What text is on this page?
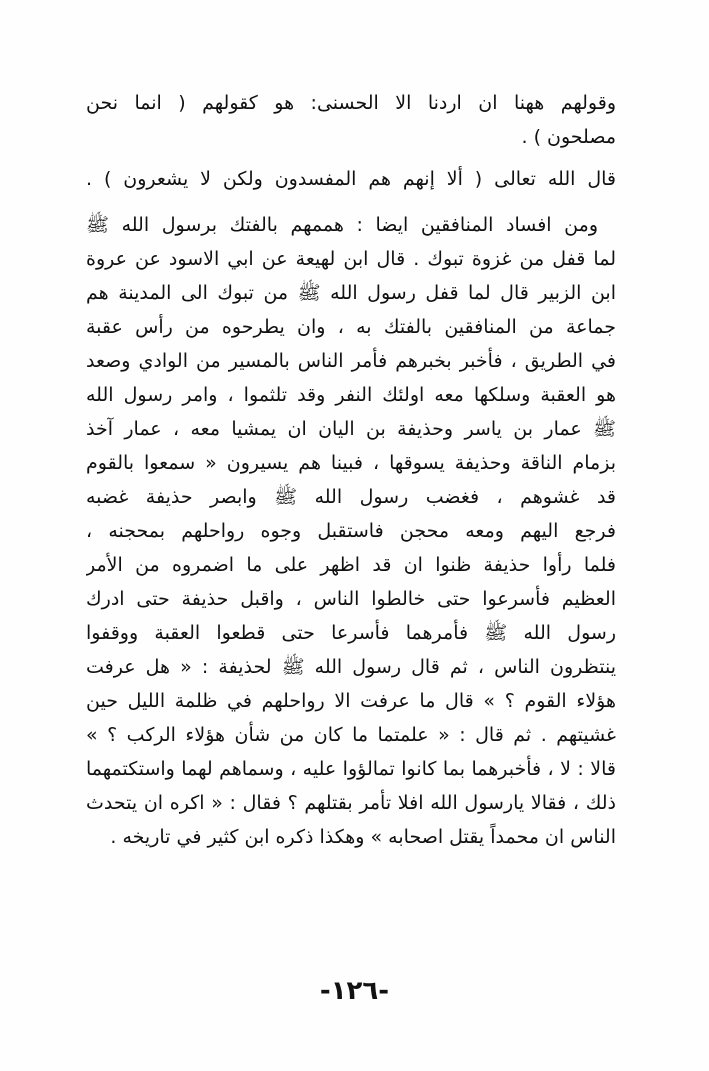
وقولهم ههنا ان اردنا الا الحسنى: هو كقولهم ( انما نحن
مصلحون ) .
قال الله تعالى ( ألا إنهم هم المفسدون ولكن لا يشعرون ) .
ومن افساد المنافقين ايضا : هممهم بالفتك برسول الله ﷺ
لما قفل من غزوة تبوك . قال ابن لهيعة عن ابي الاسود عن عروة
ابن الزبير قال لما قفل رسول الله ﷺ من تبوك الى المدينة هم
جماعة من المنافقين بالفتك به ، وان يطرحوه من رأس عقبة
في الطريق ، فأخبر بخبرهم فأمر الناس بالمسير من الوادي وصعد
هو العقبة وسلكها معه اولئك النفر وقد تلثموا ، وامر رسول الله
ﷺ عمار بن ياسر وحذيفة بن اليان ان يمشيا معه ، عمار آخذ
بزمام الناقة وحذيفة يسوقها ، فبينا هم يسيرون « سمعوا بالقوم
قد غشوهم ، فغضب رسول الله ﷺ وابصر حذيفة غضبه
فرجع اليهم ومعه محجن فاستقبل وجوه رواحلهم بمحجنه ،
فلما رأوا حذيفة ظنوا ان قد اظهر على ما اضمروه من الأمر
العظيم فأسرعوا حتى خالطوا الناس ، واقبل حذيفة حتى ادرك
رسول الله ﷺ فأمرهما فأسرعا حتى قطعوا العقبة ووقفوا
ينتظرون الناس ، ثم قال رسول الله ﷺ لحذيفة : « هل عرفت
هؤلاء القوم ؟ » قال ما عرفت الا رواحلهم في ظلمة الليل حين
غشيتهم . ثم قال : « علمتما ما كان من شأن هؤلاء الركب ؟ »
قالا : لا ، فأخبرهما بما كانوا تمالؤوا عليه ، وسماهم لهما واستكتمهما
ذلك ، فقالا يارسول الله افلا تأمر بقتلهم ؟ فقال : « اكره ان يتحدث
الناس ان محمداً يقتل اصحابه » وهكذا ذكره ابن كثير في تاريخه .
-١٢٦-
